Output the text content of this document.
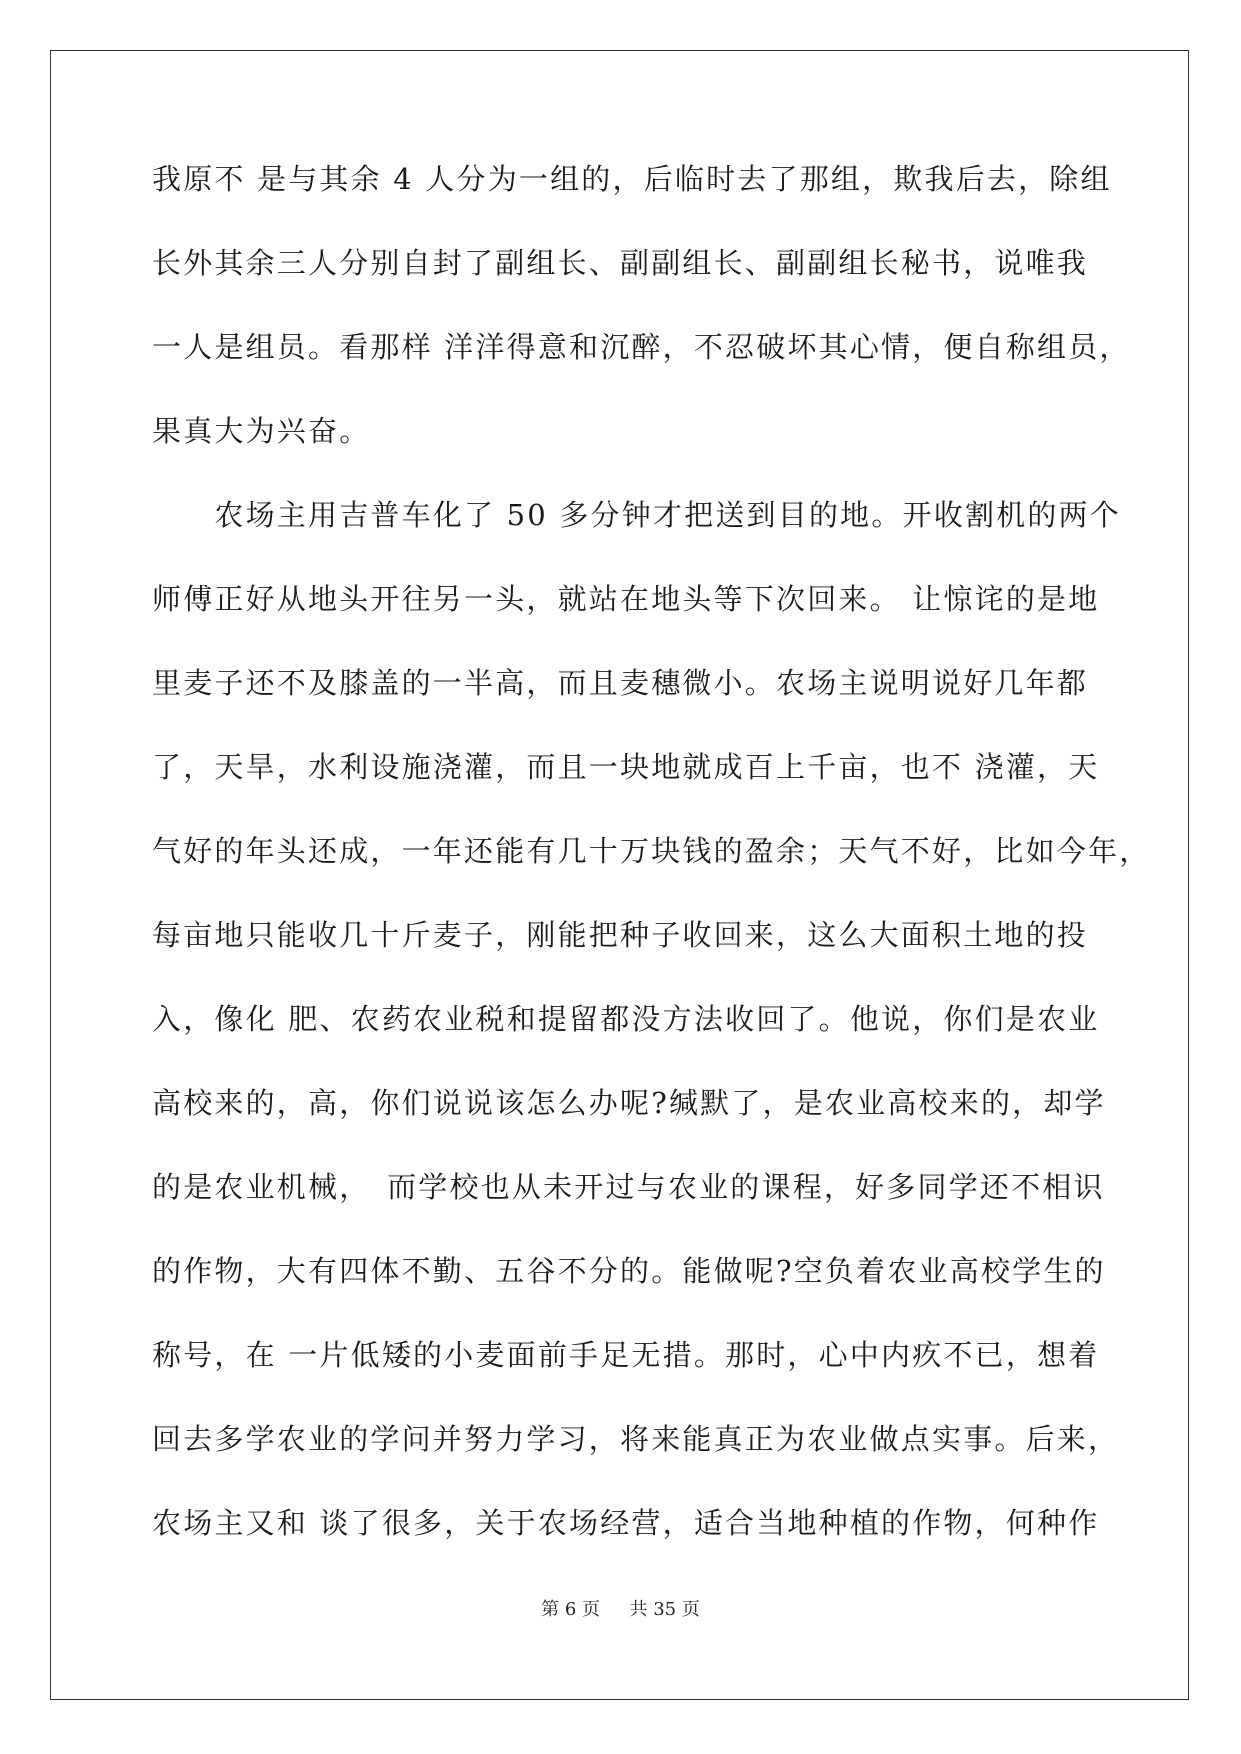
我原不 是与其余 4 人分为一组的，后临时去了那组，欺我后去，除组
长外其余三人分别自封了副组长、副副组长、副副组长秘书，说唯我
一人是组员。看那样 洋洋得意和沉醉，不忍破坏其心情，便自称组员，
果真大为兴奋。
　　农场主用吉普车化了 50 多分钟才把送到目的地。开收割机的两个
师傅正好从地头开往另一头，就站在地头等下次回来。 让惊诧的是地
里麦子还不及膝盖的一半高，而且麦穗微小。农场主说明说好几年都
了，天旱，水利设施浇灌，而且一块地就成百上千亩，也不 浇灌，天
气好的年头还成，一年还能有几十万块钱的盈余；天气不好，比如今年，
每亩地只能收几十斤麦子，刚能把种子收回来，这么大面积土地的投
入，像化 肥、农药农业税和提留都没方法收回了。他说，你们是农业
高校来的，高，你们说说该怎么办呢?缄默了，是农业高校来的，却学
的是农业机械，　而学校也从未开过与农业的课程，好多同学还不相识
的作物，大有四体不勤、五谷不分的。能做呢?空负着农业高校学生的
称号，在 一片低矮的小麦面前手足无措。那时，心中内疚不已，想着
回去多学农业的学问并努力学习，将来能真正为农业做点实事。后来，
农场主又和 谈了很多，关于农场经营，适合当地种植的作物，何种作
第 6 页 共 35 页
